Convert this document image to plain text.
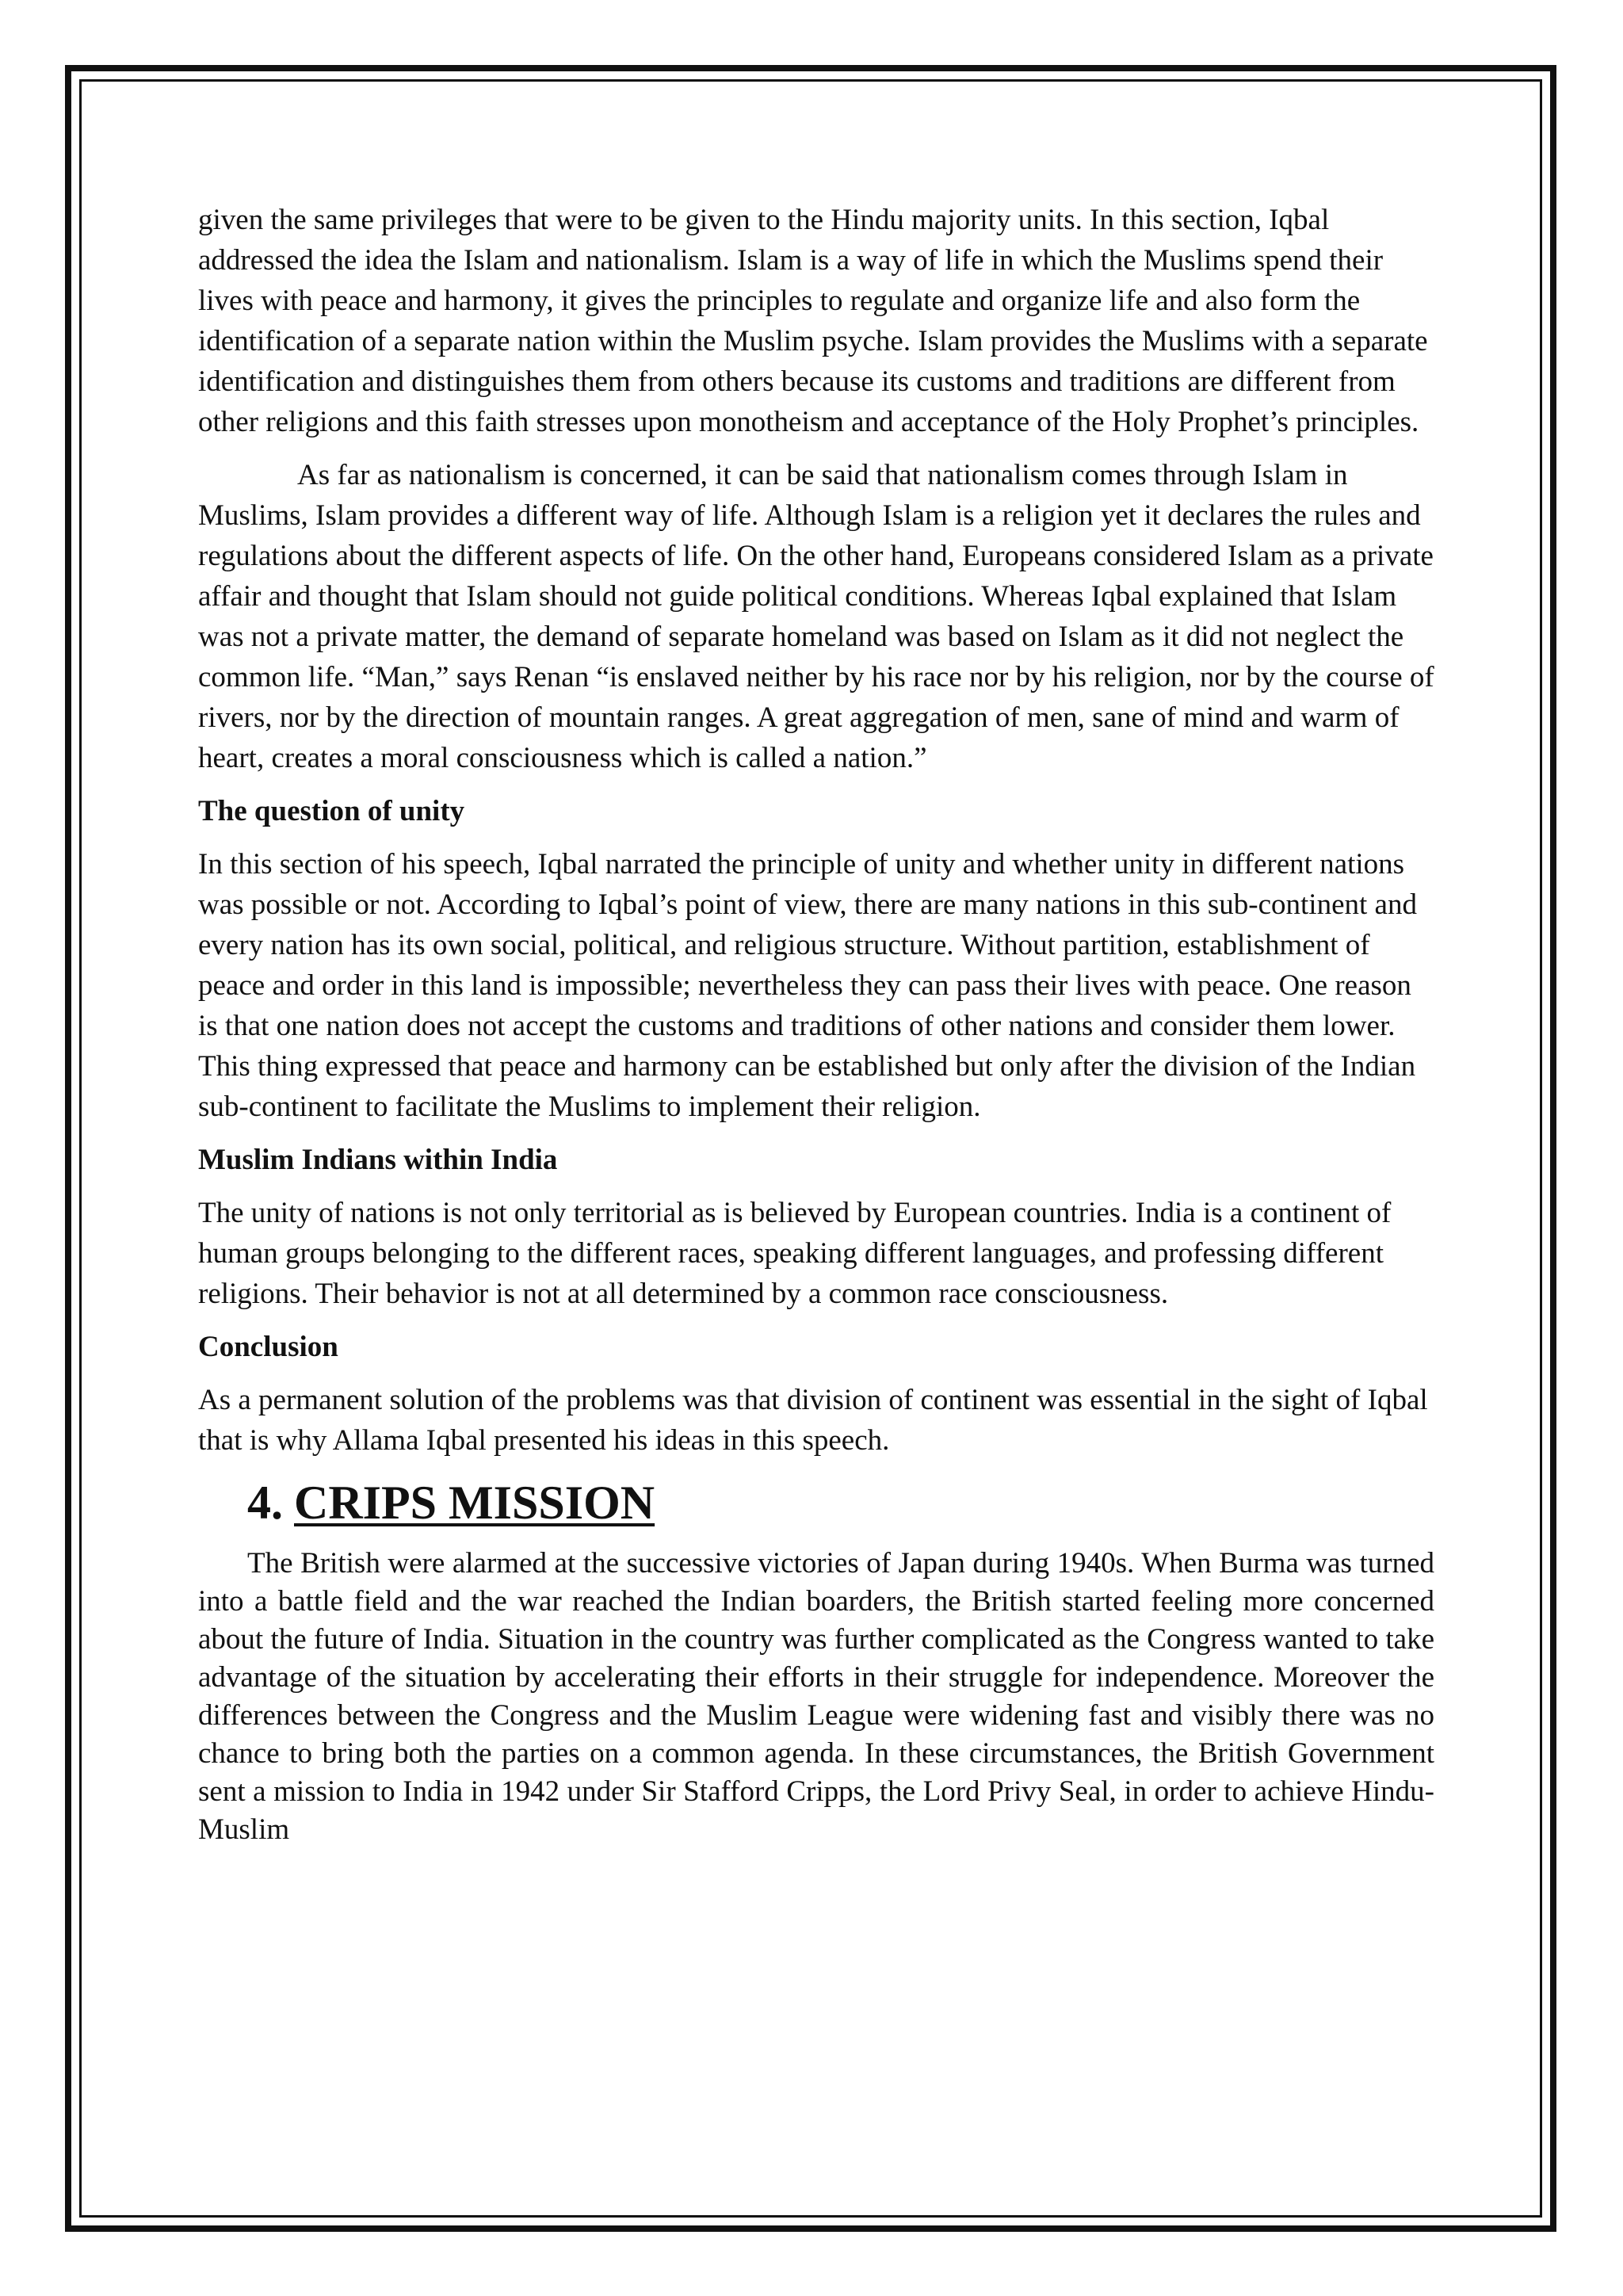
given the same privileges that were to be given to the Hindu majority units. In this section, Iqbal addressed the idea the Islam and nationalism. Islam is a way of life in which the Muslims spend their lives with peace and harmony, it gives the principles to regulate and organize life and also form the identification of a separate nation within the Muslim psyche. Islam provides the Muslims with a separate identification and distinguishes them from others because its customs and traditions are different from other religions and this faith stresses upon monotheism and acceptance of the Holy Prophet’s principles.

As far as nationalism is concerned, it can be said that nationalism comes through Islam in Muslims, Islam provides a different way of life. Although Islam is a religion yet it declares the rules and regulations about the different aspects of life. On the other hand, Europeans considered Islam as a private affair and thought that Islam should not guide political conditions. Whereas Iqbal explained that Islam was not a private matter, the demand of separate homeland was based on Islam as it did not neglect the common life. “Man,” says Renan “is enslaved neither by his race nor by his religion, nor by the course of rivers, nor by the direction of mountain ranges. A great aggregation of men, sane of mind and warm of heart, creates a moral consciousness which is called a nation.”

The question of unity

In this section of his speech, Iqbal narrated the principle of unity and whether unity in different nations was possible or not. According to Iqbal’s point of view, there are many nations in this sub-continent and every nation has its own social, political, and religious structure. Without partition, establishment of peace and order in this land is impossible; nevertheless they can pass their lives with peace. One reason is that one nation does not accept the customs and traditions of other nations and consider them lower. This thing expressed that peace and harmony can be established but only after the division of the Indian sub-continent to facilitate the Muslims to implement their religion.

Muslim Indians within India

The unity of nations is not only territorial as is believed by European countries. India is a continent of human groups belonging to the different races, speaking different languages, and professing different religions. Their behavior is not at all determined by a common race consciousness.

Conclusion

As a permanent solution of the problems was that division of continent was essential in the sight of Iqbal that is why Allama Iqbal presented his ideas in this speech.

4. CRIPS MISSION

The British were alarmed at the successive victories of Japan during 1940s. When Burma was turned into a battle field and the war reached the Indian boarders, the British started feeling more concerned about the future of India. Situation in the country was further complicated as the Congress wanted to take advantage of the situation by accelerating their efforts in their struggle for independence. Moreover the differences between the Congress and the Muslim League were widening fast and visibly there was no chance to bring both the parties on a common agenda. In these circumstances, the British Government sent a mission to India in 1942 under Sir Stafford Cripps, the Lord Privy Seal, in order to achieve Hindu-Muslim
